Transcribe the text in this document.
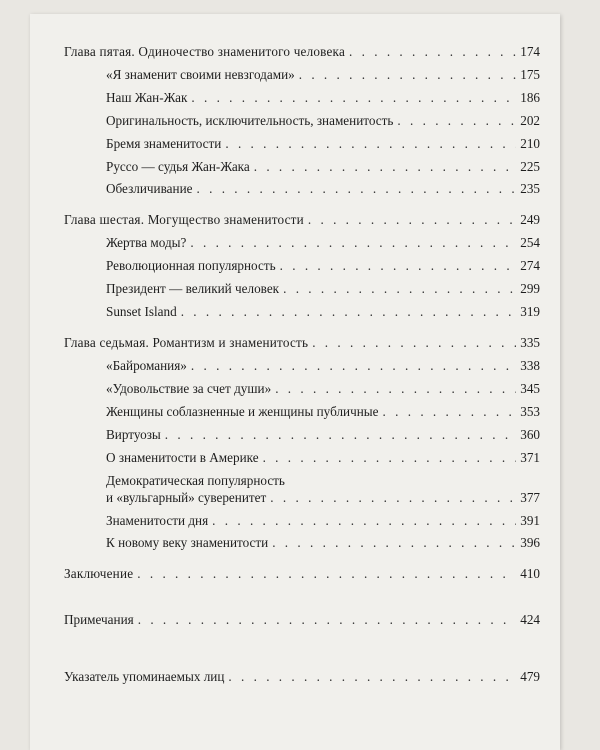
Глава пятая. Одиночество знаменитого человека . . .	174
«Я знаменит своими невзгодами» . . .	175
Наш Жан-Жак . . .	186
Оригинальность, исключительность, знаменитость . . .	202
Бремя знаменитости . . .	210
Руссо — судья Жан-Жака . . .	225
Обезличивание . . .	235
Глава шестая. Могущество знаменитости . . .	249
Жертва моды? . . .	254
Революционная популярность . . .	274
Президент — великий человек . . .	299
Sunset Island . . .	319
Глава седьмая. Романтизм и знаменитость . . .	335
«Байромания» . . .	338
«Удовольствие за счет души» . . .	345
Женщины соблазненные и женщины публичные . . .	353
Виртуозы . . .	360
О знаменитости в Америке . . .	371
Демократическая популярность
и «вульгарный» суверенитет . . .	377
Знаменитости дня . . .	391
К новому веку знаменитости . . .	396
Заключение . . .	410
Примечания . . .	424
Указатель упоминаемых лиц . . .	479
